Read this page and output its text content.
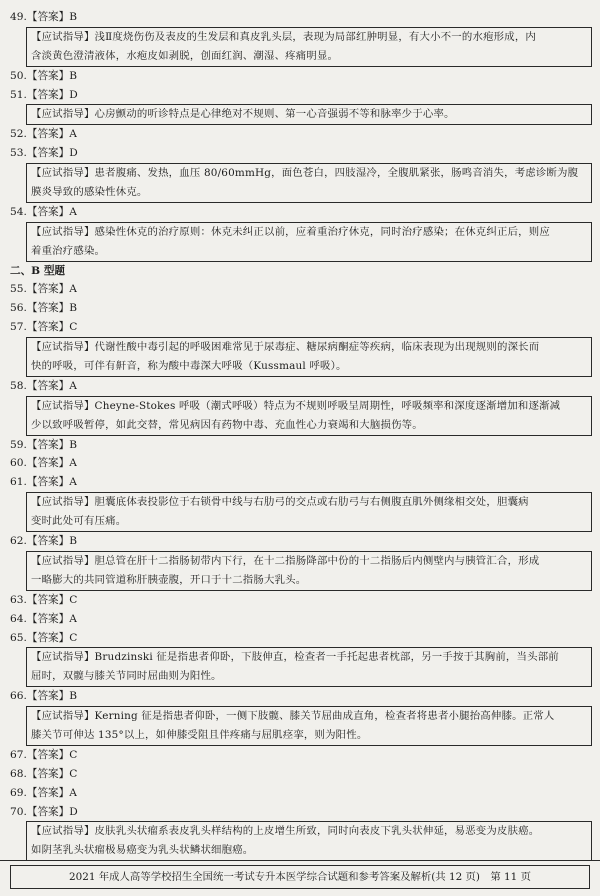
49.【答案】B
【应试指导】浅Ⅱ度烧伤伤及表皮的生发层和真皮乳头层，表现为局部红肿明显，有大小不一的水疱形成，内
含淡黄色澄清液体，水疱皮如剥脱，创面红润、潮湿、疼痛明显。
50.【答案】B
51.【答案】D
【应试指导】心房颤动的听诊特点是心律绝对不规则、第一心音强弱不等和脉率少于心率。
52.【答案】A
53.【答案】D
【应试指导】患者腹痛、发热，血压 80/60mmHg，面色苍白，四肢湿冷，全腹肌紧张，肠鸣音消失，考虑诊断为腹
膜炎导致的感染性休克。
54.【答案】A
【应试指导】感染性休克的治疗原则：休克未纠正以前，应着重治疗休克，同时治疗感染；在休克纠正后，则应
着重治疗感染。
二、B 型题
55.【答案】A
56.【答案】B
57.【答案】C
【应试指导】代谢性酸中毒引起的呼吸困难常见于尿毒症、糖尿病酮症等疾病，临床表现为出现规则的深长而
快的呼吸，可伴有鼾音，称为酸中毒深大呼吸（Kussmaul 呼吸）。
58.【答案】A
【应试指导】Cheyne-Stokes 呼吸（潮式呼吸）特点为不规则呼吸呈周期性，呼吸频率和深度逐渐增加和逐渐减
少以致呼吸暂停，如此交替，常见病因有药物中毒、充血性心力衰竭和大脑损伤等。
59.【答案】B
60.【答案】A
61.【答案】A
【应试指导】胆囊底体表投影位于右锁骨中线与右肋弓的交点或右肋弓与右侧腹直肌外侧缘相交处，胆囊病
变时此处可有压痛。
62.【答案】B
【应试指导】胆总管在肝十二指肠韧带内下行，在十二指肠降部中份的十二指肠后内侧壁内与胰管汇合，形成
一略膨大的共同管道称肝胰壶腹，开口于十二指肠大乳头。
63.【答案】C
64.【答案】A
65.【答案】C
【应试指导】Brudzinski 征是指患者仰卧，下肢伸直，检查者一手托起患者枕部，另一手按于其胸前，当头部前
屈时，双髋与膝关节同时屈曲则为阳性。
66.【答案】B
【应试指导】Kerning 征是指患者仰卧，一侧下肢髋、膝关节屈曲成直角，检查者将患者小腿抬高伸膝。正常人
膝关节可伸达 135°以上，如伸膝受阻且伴疼痛与屈肌痉挛，则为阳性。
67.【答案】C
68.【答案】C
69.【答案】A
70.【答案】D
【应试指导】皮肤乳头状瘤系表皮乳头样结构的上皮增生所致，同时向表皮下乳头状伸延，易恶变为皮肤癌。
如阴茎乳头状瘤极易癌变为乳头状鳞状细胞癌。
2021 年成人高等学校招生全国统一考试专升本医学综合试题和参考答案及解析(共 12 页)　第 11 页
